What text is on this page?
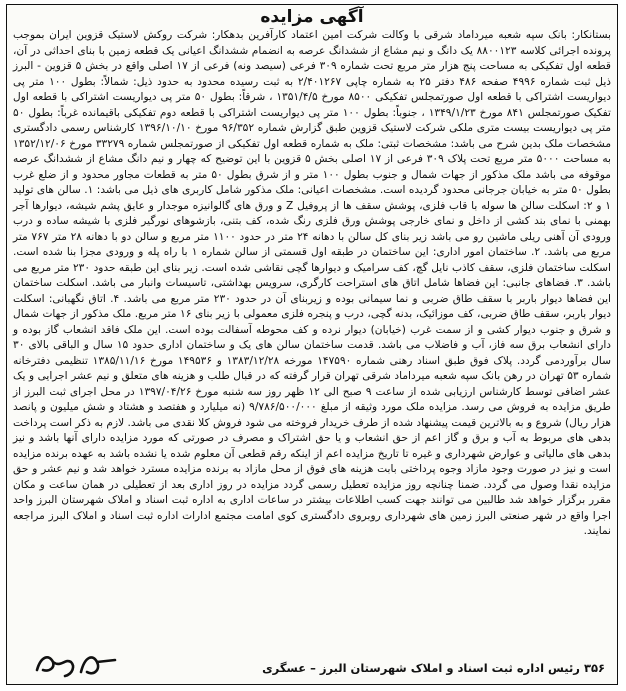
آگهی مزایده

بستانکار: بانک سپه شعبه میرداماد شرقی با وکالت شرکت امین اعتماد کارآفرین بدهکار: شرکت روکش لاستیک قزوین ایران بموجب پرونده اجرائی کلاسه ۸۸۰۰۱۲۳ یک دانگ و نیم مشاع از ششدانگ عرصه به انضمام ششدانگ اعیانی یک قطعه زمین با بنای احداثی در آن، قطعه اول تفکیکی به مساحت پنج هزار متر مربع تحت شماره ۳۰۹ فرعی (سیصد ونه) فرعی از ۱۷ اصلی واقع در بخش ۵ قزوین - البرز ذیل ثبت شماره ۴۹۹۶ صفحه ۴۸۶ دفتر ۲۵ به شماره چاپی ۲/۴۰۱۲۶۷ به ثبت رسیده محدود به حدود ذیل: شمالاً: بطول ۱۰۰ متر پی دیواریست اشتراکی با قطعه اول صورتمجلس تفکیکی ۸۵۰۰ مورخ ۱۳۵۱/۴/۵ ، شرقاً: بطول ۵۰ متر پی دیواریست اشتراکی با قطعه اول تفکیک صورتمجلس ۸۴۱ مورخ ۱۳۴۹/۱/۲۳ ، جنوباً: بطول ۱۰۰ متر پی دیواریست اشتراکی با قطعه دوم تفکیکی باقیمانده غرباً: بطول ۵۰ متر پی دیواریست بیست متری ملکی شرکت لاستیک قزوین طبق گزارش شماره ۹۶/۳۵۲ مورخ ۱۳۹۶/۱۰/۱۰ کارشناس رسمی دادگستری مشخصات ملک بدین شرح می باشد: مشخصات ثبتی: ملک به شماره قطعه اول تفکیکی از صورتمجلس شماره ۳۳۲۷۹ مورخ ۱۳۵۲/۱۲/۰۶ به مساحت ۵۰۰۰ متر مربع تحت پلاک ۳۰۹ فرعی از ۱۷ اصلی بخش ۵ قزوین با این توضیح که چهار و نیم دانگ مشاع از ششدانگ عرصه موقوفه می باشد ملک مذکور از جهات شمال و جنوب بطول ۱۰۰ متر و از شرق بطول ۵۰ متر به قطعات مجاور محدود و از ضلع غرب بطول ۵۰ متر به خیابان جرجانی محدود گردیده است. مشخصات اعیانی: ملک مذکور شامل کاربری های ذیل می باشد: ۱. سالن های تولید ۱ و ۲: اسکلت سالن ها سوله با قاب فلزی، پوشش سقف ها از پروفیل Z و ورق های گالوانیزه موجدار و عایق پشم شیشه، دیوارها آجر بهمنی با نمای بند کشی از داخل و نمای خارجی پوشش ورق فلزی رنگ شده، کف بتنی، بازشوهای نورگیر فلزی با شیشه ساده و درب ورودی آن آهنی ریلی ماشین رو می باشد زیر بنای کل سالن با دهانه ۲۴ متر در حدود ۱۱۰۰ متر مربع و سالن دو با دهانه ۲۸ متر ۷۶۷ متر مربع می باشد. ۲. ساختمان امور اداری: این ساختمان در طبقه اول قسمتی از سالن شماره ۱ با راه پله و ورودی مجزا بنا شده است. اسکلت ساختمان فلزی، سقف کاذب نایل گچ، کف سرامیک و دیوارها گچی نقاشی شده است. زیر بنای این طبقه حدود ۲۳۰ متر مربع می باشد. ۳. فضاهای جانبی: این فضاها شامل اتاق های استراحت کارگری، سرویس بهداشتی، تاسیسات وانبار می باشد. اسکلت ساختمان این فضاها دیوار باربر با سقف طاق ضربی و نما سیمانی بوده و زیربنای آن در حدود ۲۳۰ متر مربع می باشد. ۴. اتاق نگهبانی: اسکلت دیوار باربر، سقف طاق ضربی، کف موزائیک، بدنه گچی، درب و پنجره فلزی معمولی با زیر بنای ۱۶ متر مربع. ملک مذکور از جهات شمال و شرق و جنوب دیوار کشی و از سمت غرب (خیابان) دیوار نرده و کف محوطه آسفالت بوده است. این ملک فاقد انشعاب گاز بوده و دارای انشعاب برق سه فاز، آب و فاضلاب می باشد. قدمت ساختمان سالن های یک و ساختمان اداری حدود ۱۵ سال و الباقی بالای ۳۰ سال برآوردمی گردد. پلاک فوق طبق اسناد رهنی شماره ۱۴۷۵۹۰ مورخه ۱۳۸۳/۱۲/۲۸ و ۱۴۹۵۳۶ مورخ ۱۳۸۵/۱۱/۱۶ تنظیمی دفترخانه شماره ۵۳ تهران در رهن بانک سپه شعبه میرداماد شرقی تهران قرار گرفته که در قبال طلب و هزینه های متعلق و نیم عشر اجرایی و یک عشر اضافی توسط کارشناس ارزیابی شده از ساعت ۹ صبح الی ۱۲ ظهر روز سه شنبه مورخ ۱۳۹۷/۰۴/۲۶ در محل اجرای ثبت البرز از طریق مزایده به فروش می رسد. مزایده ملک مورد وثیقه از مبلغ ۹/۷۸۶/۵۰۰/۰۰۰ (نه میلیارد و هفتصد و هشتاد و شش میلیون و پانصد هزار ریال) شروع و به بالاترین قیمت پیشنهاد شده از طرف خریدار فروخته می شود فروش کلا نقدی می باشد. لازم به ذکر است پرداخت بدهی های مربوط به آب و برق و گاز اعم از حق انشعاب و یا حق اشتراک و مصرف در صورتی که مورد مزایده دارای آنها باشد و نیز بدهی های مالیاتی و عوارض شهرداری و غیره تا تاریخ مزایده اعم از اینکه رقم قطعی آن معلوم شده یا نشده باشد به عهده برنده مزایده است و نیز در صورت وجود مازاد وجوه پرداختی بابت هزینه های فوق از محل مازاد به برنده مزایده مسترد خواهد شد و نیم عشر و حق مزایده نقدا وصول می گردد. ضمنا چنانچه روز مزایده تعطیل رسمی گردد مزایده در روز اداری بعد از تعطیلی در همان ساعت و مکان مقرر برگزار خواهد شد طالبین می توانند جهت کسب اطلاعات بیشتر در ساعات اداری به اداره ثبت اسناد و املاک شهرستان البرز واحد اجرا واقع در شهر صنعتی البرز زمین های شهرداری روبروی دادگستری کوی امامت مجتمع ادارات اداره ثبت اسناد و املاک البرز مراجعه نمایند.

۳۵۶ رئیس اداره ثبت اسناد و املاک شهرستان البرز – عسگری
